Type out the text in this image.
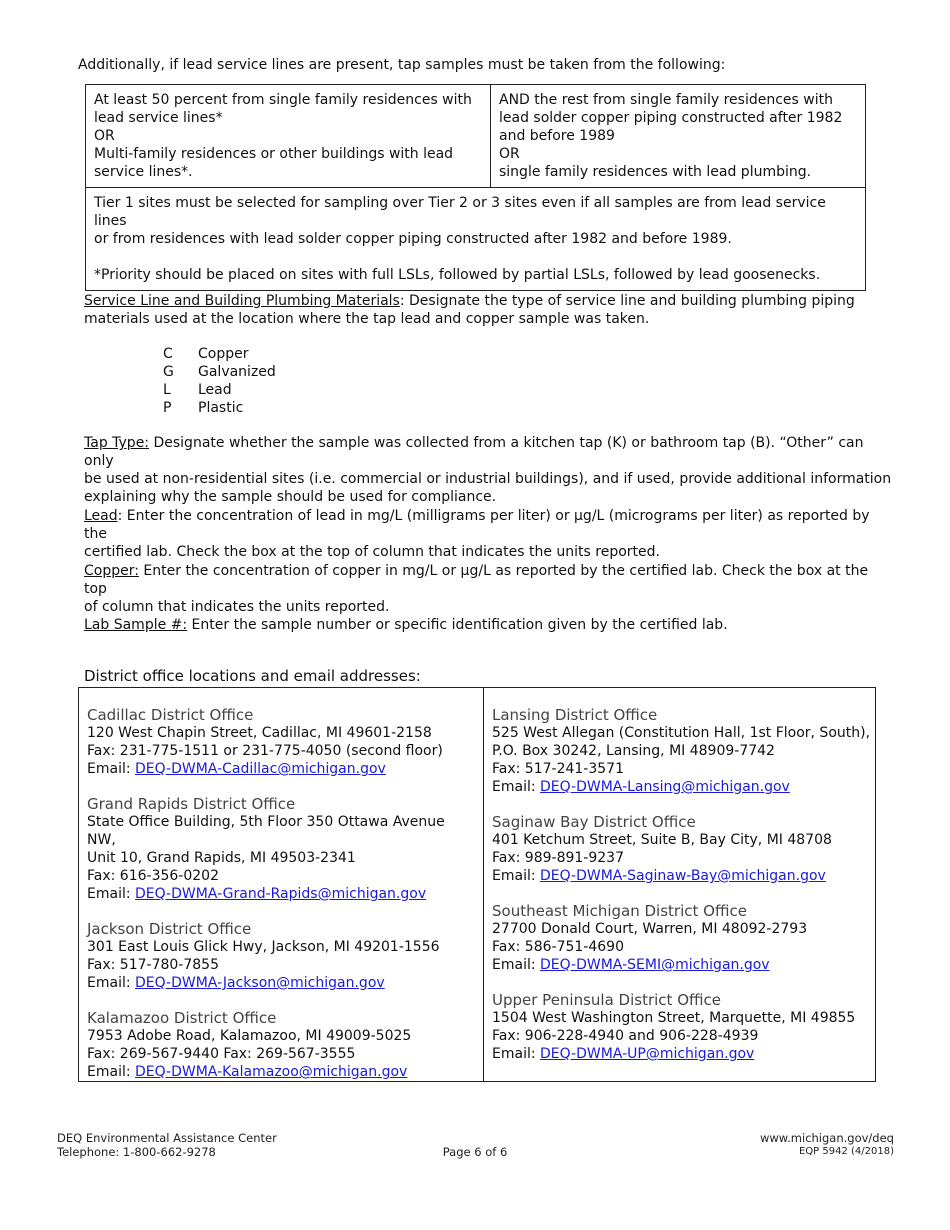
Additionally, if lead service lines are present, tap samples must be taken from the following:
At least 50 percent from single family residences with
lead service lines*
OR
Multi-family residences or other buildings with lead
service lines*.

AND the rest from single family residences with
lead solder copper piping constructed after 1982
and before 1989
OR
single family residences with lead plumbing.

Tier 1 sites must be selected for sampling over Tier 2 or 3 sites even if all samples are from lead service lines
or from residences with lead solder copper piping constructed after 1982 and before 1989.
*Priority should be placed on sites with full LSLs, followed by partial LSLs, followed by lead goosenecks.
Service Line and Building Plumbing Materials: Designate the type of service line and building plumbing piping
materials used at the location where the tap lead and copper sample was taken.
C	Copper
G	Galvanized
L	Lead
P	Plastic
Tap Type: Designate whether the sample was collected from a kitchen tap (K) or bathroom tap (B). “Other” can only
be used at non-residential sites (i.e. commercial or industrial buildings), and if used, provide additional information
explaining why the sample should be used for compliance.
Lead: Enter the concentration of lead in mg/L (milligrams per liter) or µg/L (micrograms per liter) as reported by the
certified lab. Check the box at the top of column that indicates the units reported.
Copper: Enter the concentration of copper in mg/L or µg/L as reported by the certified lab. Check the box at the top
of column that indicates the units reported.
Lab Sample #: Enter the sample number or specific identification given by the certified lab.
District office locations and email addresses:
Cadillac District Office
120 West Chapin Street, Cadillac, MI 49601-2158
Fax: 231-775-1511 or 231-775-4050 (second floor)
Email: DEQ-DWMA-Cadillac@michigan.gov
Grand Rapids District Office
State Office Building, 5th Floor 350 Ottawa Avenue NW,
Unit 10, Grand Rapids, MI 49503-2341
Fax: 616-356-0202
Email: DEQ-DWMA-Grand-Rapids@michigan.gov
Jackson District Office
301 East Louis Glick Hwy, Jackson, MI 49201-1556
Fax: 517-780-7855
Email: DEQ-DWMA-Jackson@michigan.gov
Kalamazoo District Office
7953 Adobe Road, Kalamazoo, MI 49009-5025
Fax: 269-567-9440 Fax: 269-567-3555
Email: DEQ-DWMA-Kalamazoo@michigan.gov
Lansing District Office
525 West Allegan (Constitution Hall, 1st Floor, South),
P.O. Box 30242, Lansing, MI 48909-7742
Fax: 517-241-3571
Email: DEQ-DWMA-Lansing@michigan.gov
Saginaw Bay District Office
401 Ketchum Street, Suite B, Bay City, MI 48708
Fax: 989-891-9237
Email: DEQ-DWMA-Saginaw-Bay@michigan.gov
Southeast Michigan District Office
27700 Donald Court, Warren, MI 48092-2793
Fax: 586-751-4690
Email: DEQ-DWMA-SEMI@michigan.gov
Upper Peninsula District Office
1504 West Washington Street, Marquette, MI 49855
Fax: 906-228-4940 and 906-228-4939
Email: DEQ-DWMA-UP@michigan.gov
DEQ Environmental Assistance Center
Telephone: 1-800-662-9278	Page 6 of 6
www.michigan.gov/deq
EQP 5942 (4/2018)
